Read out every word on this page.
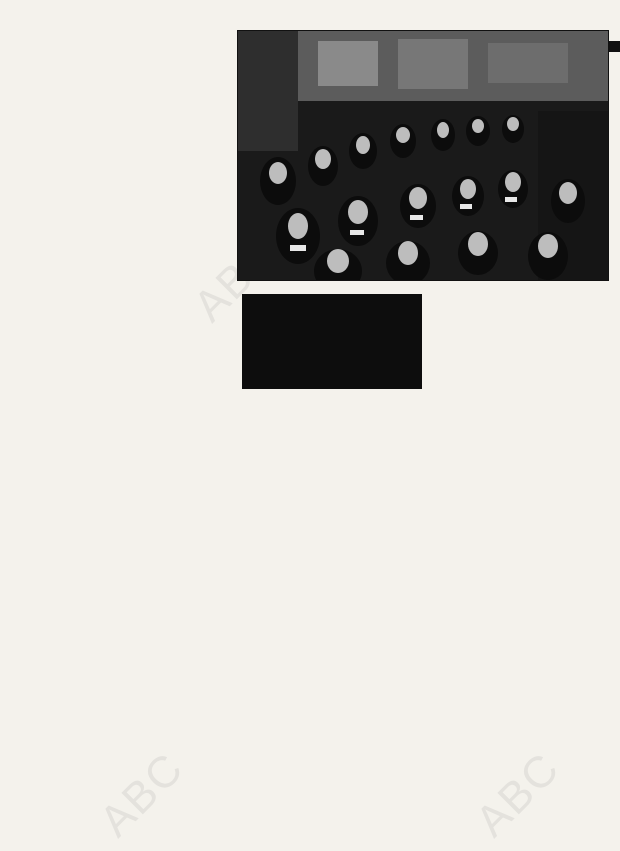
ABC
ABC	ABC
